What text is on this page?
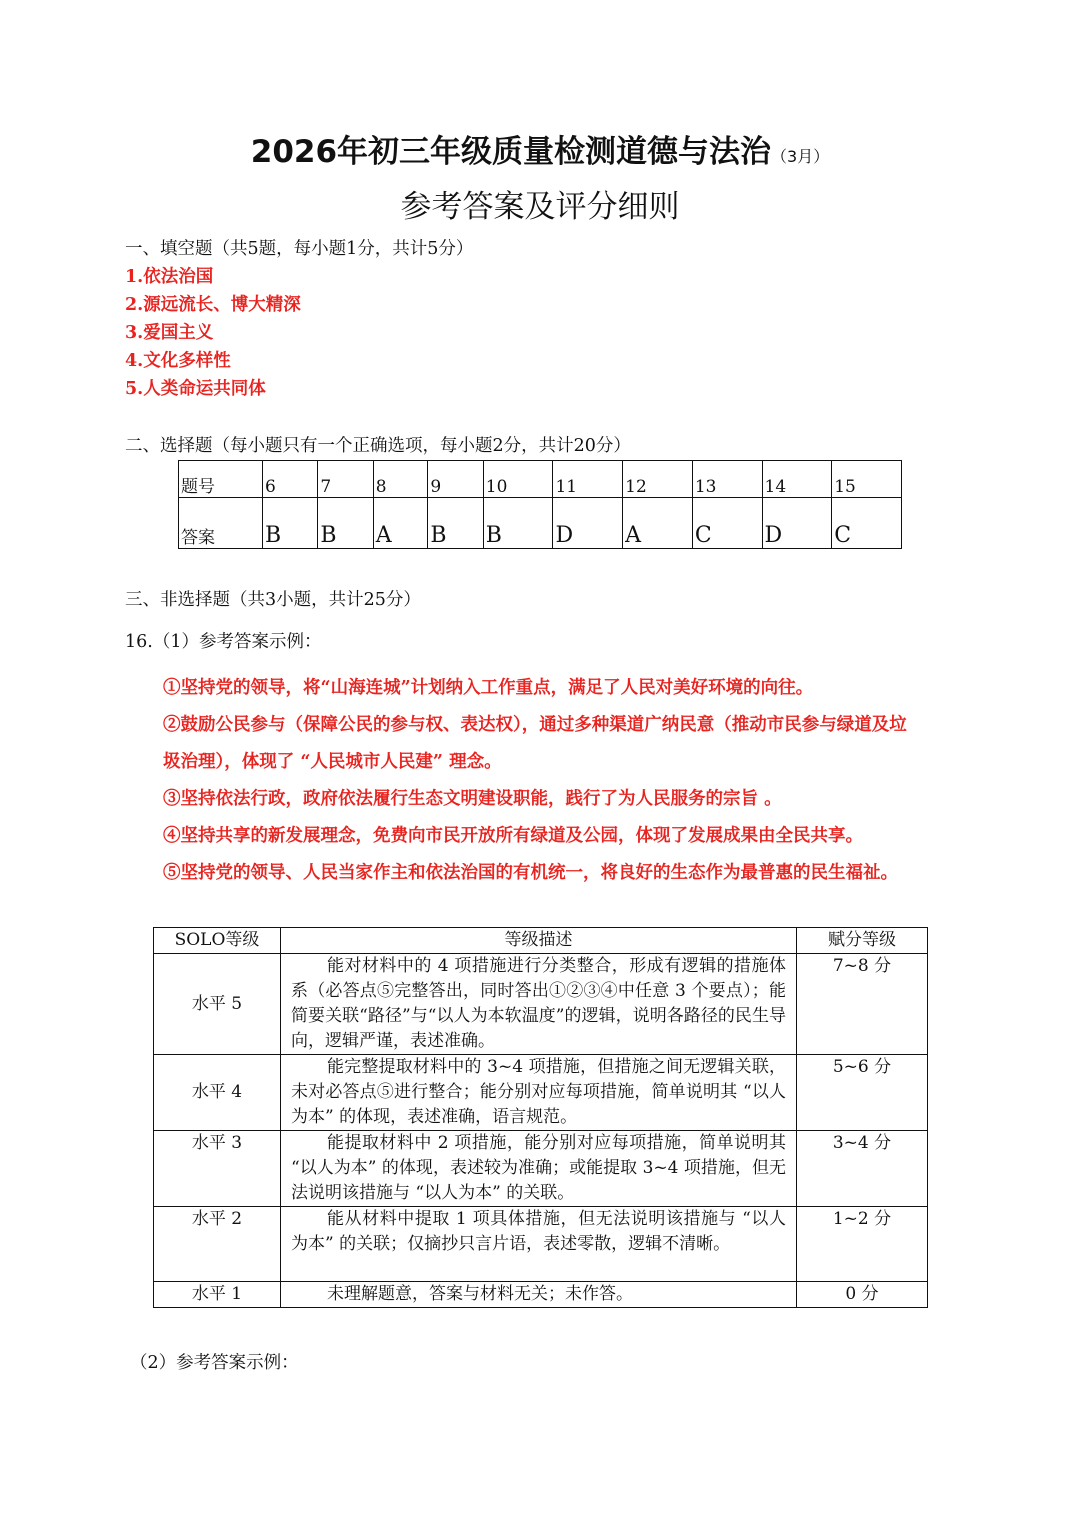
2026年初三年级质量检测道德与法治（3月）
参考答案及评分细则
一、填空题（共5题，每小题1分，共计5分）
1.依法治国
2.源远流长、博大精深
3.爱国主义
4.文化多样性
5.人类命运共同体
二、选择题（每小题只有一个正确选项，每小题2分，共计20分）
题号	6	7	8	9	10	11	12	13	14	15
答案	B	B	A	B	B	D	A	C	D	C
三、非选择题（共3小题，共计25分）
16.（1）参考答案示例：
①坚持党的领导，将“山海连城”计划纳入工作重点，满足了人民对美好环境的向往。
②鼓励公民参与（保障公民的参与权、表达权），通过多种渠道广纳民意（推动市民参与绿道及垃圾治理），体现了 “人民城市人民建” 理念。
③坚持依法行政，政府依法履行生态文明建设职能，践行了为人民服务的宗旨 。
④坚持共享的新发展理念，免费向市民开放所有绿道及公园，体现了发展成果由全民共享。
⑤坚持党的领导、人民当家作主和依法治国的有机统一，将良好的生态作为最普惠的民生福祉。
SOLO等级	等级描述	赋分等级
水平 5	能对材料中的 4 项措施进行分类整合，形成有逻辑的措施体系（必答点⑤完整答出，同时答出①②③④中任意 3 个要点）；能简要关联“路径”与“以人为本软温度”的逻辑，说明各路径的民生导向，逻辑严谨，表述准确。	7~8 分
水平 4	能完整提取材料中的 3~4 项措施，但措施之间无逻辑关联，未对必答点⑤进行整合；能分别对应每项措施，简单说明其 “以人为本” 的体现，表述准确，语言规范。	5~6 分
水平 3	能提取材料中 2 项措施，能分别对应每项措施，简单说明其 “以人为本” 的体现，表述较为准确；或能提取 3~4 项措施，但无法说明该措施与 “以人为本” 的关联。	3~4 分
水平 2	能从材料中提取 1 项具体措施，但无法说明该措施与 “以人为本” 的关联；仅摘抄只言片语，表述零散，逻辑不清晰。	1~2 分
水平 1	未理解题意，答案与材料无关；未作答。	0 分
（2）参考答案示例：
